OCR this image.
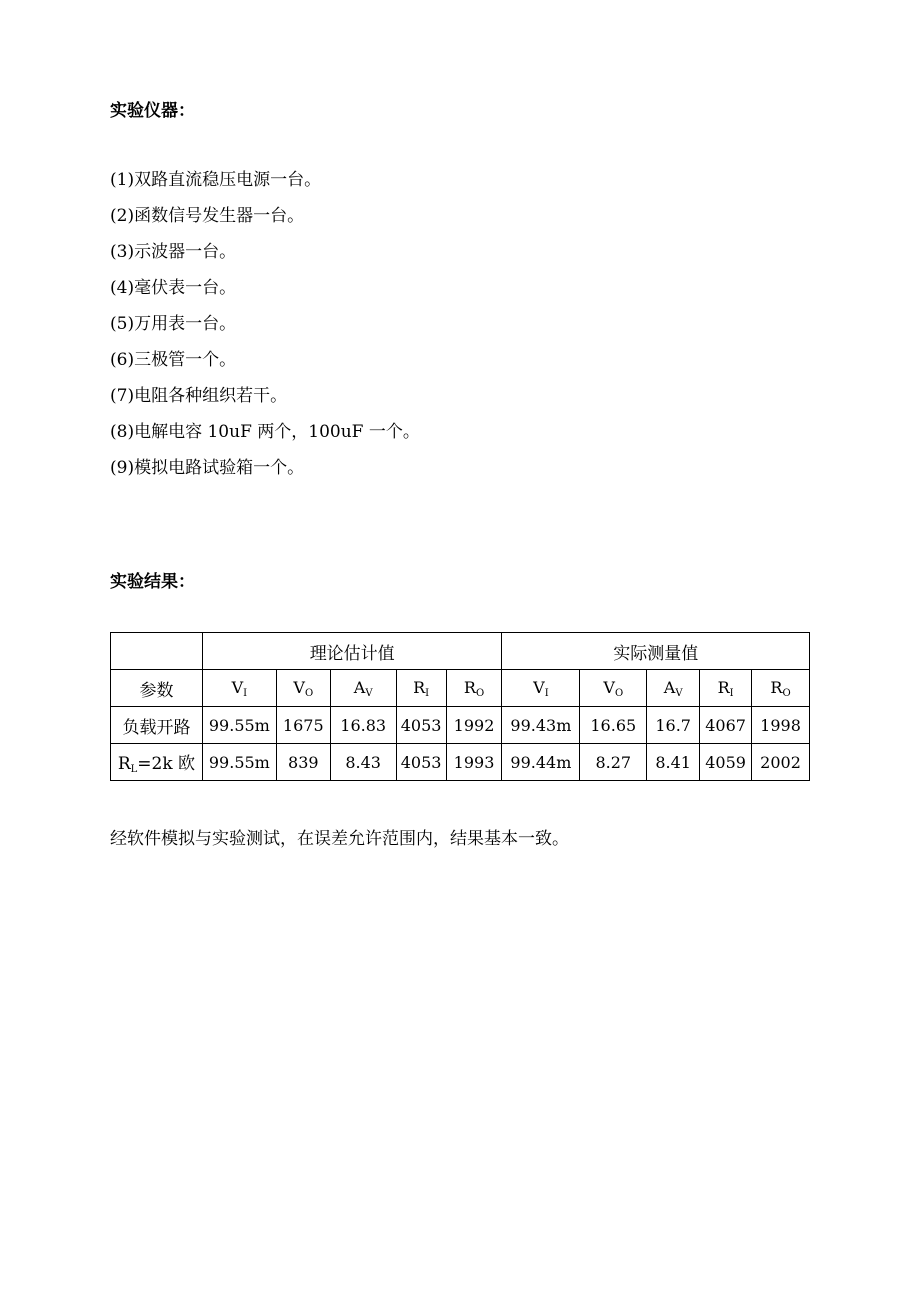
实验仪器：
(1)双路直流稳压电源一台。
(2)函数信号发生器一台。
(3)示波器一台。
(4)毫伏表一台。
(5)万用表一台。
(6)三极管一个。
(7)电阻各种组织若干。
(8)电解电容 10uF 两个，100uF 一个。
(9)模拟电路试验箱一个。
实验结果：
	理论估计值					实际测量值				
参数	$V_I$	$V_O$	$A_V$	$R_I$	$R_O$	$V_I$	$V_O$	$A_V$	$R_I$	$R_O$
负载开路	99.55m	1675	16.83	4053	1992	99.43m	16.65	16.7	4067	1998
$R_L=2k$ 欧	99.55m	839	8.43	4053	1993	99.44m	8.27	8.41	4059	2002

经软件模拟与实验测试，在误差允许范围内，结果基本一致。
